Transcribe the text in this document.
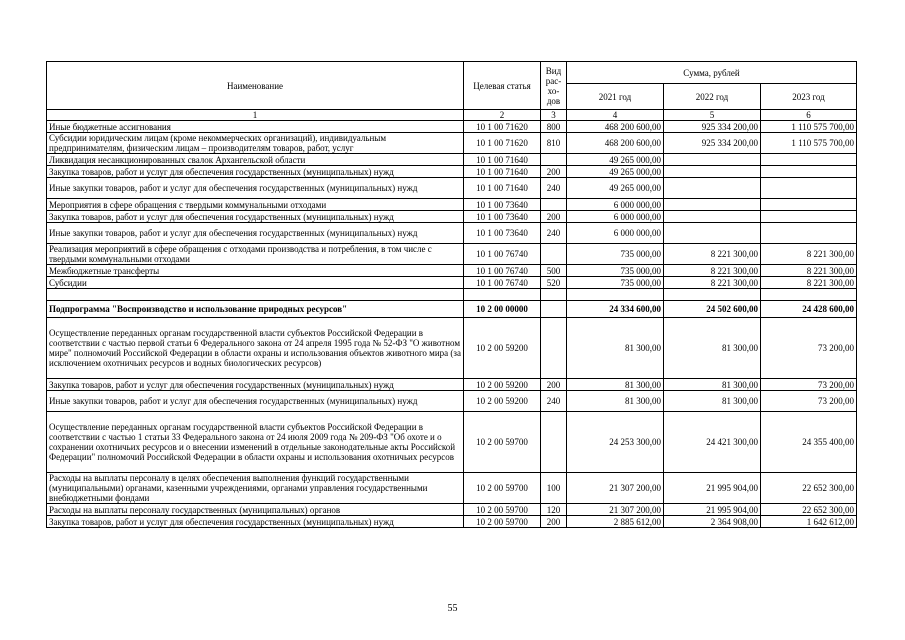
Наименование	Целевая статья	Вид рас- хо- дов	Сумма, рублей		
			2021 год	2022 год	2023 год
1	2	3	4	5	6
Иные бюджетные ассигнования	10 1 00 71620	800	468 200 600,00	925 334 200,00	1 110 575 700,00
Субсидии юридическим лицам (кроме некоммерческих организаций), индивидуальным предпринимателям, физическим лицам – производителям товаров, работ, услуг	10 1 00 71620	810	468 200 600,00	925 334 200,00	1 110 575 700,00
Ликвидация несанкционированных свалок Архангельской области	10 1 00 71640		49 265 000,00		
Закупка товаров, работ и услуг для обеспечения государственных (муниципальных) нужд	10 1 00 71640	200	49 265 000,00		
Иные закупки товаров, работ и услуг для обеспечения государственных (муниципальных) нужд	10 1 00 71640	240	49 265 000,00		
Мероприятия в сфере обращения с твердыми коммунальными отходами	10 1 00 73640		6 000 000,00		
Закупка товаров, работ и услуг для обеспечения государственных (муниципальных) нужд	10 1 00 73640	200	6 000 000,00		
Иные закупки товаров, работ и услуг для обеспечения государственных (муниципальных) нужд	10 1 00 73640	240	6 000 000,00		
Реализация мероприятий в сфере обращения с отходами производства и потребления, в том числе с твердыми коммунальными отходами	10 1 00 76740		735 000,00	8 221 300,00	8 221 300,00
Межбюджетные трансферты	10 1 00 76740	500	735 000,00	8 221 300,00	8 221 300,00
Субсидии	10 1 00 76740	520	735 000,00	8 221 300,00	8 221 300,00

Подпрограмма "Воспроизводство и использование природных ресурсов"	10 2 00 00000		24 334 600,00	24 502 600,00	24 428 600,00
Осуществление переданных органам государственной власти субъектов Российской Федерации в соответствии с частью первой статьи 6 Федерального закона от 24 апреля 1995 года № 52-ФЗ "О животном мире" полномочий Российской Федерации в области охраны и использования объектов животного мира (за исключением охотничьих ресурсов и водных биологических ресурсов)	10 2 00 59200		81 300,00	81 300,00	73 200,00
Закупка товаров, работ и услуг для обеспечения государственных (муниципальных) нужд	10 2 00 59200	200	81 300,00	81 300,00	73 200,00
Иные закупки товаров, работ и услуг для обеспечения государственных (муниципальных) нужд	10 2 00 59200	240	81 300,00	81 300,00	73 200,00
Осуществление переданных органам государственной власти субъектов Российской Федерации в соответствии с частью 1 статьи 33 Федерального закона от 24 июля 2009 года № 209-ФЗ "Об охоте и о сохранении охотничьих ресурсов и о внесении изменений в отдельные законодательные акты Российской Федерации" полномочий Российской Федерации в области охраны и использования охотничьих ресурсов	10 2 00 59700		24 253 300,00	24 421 300,00	24 355 400,00
Расходы на выплаты персоналу в целях обеспечения выполнения функций государственными (муниципальными) органами, казенными учреждениями, органами управления государственными внебюджетными фондами	10 2 00 59700	100	21 307 200,00	21 995 904,00	22 652 300,00
Расходы на выплаты персоналу государственных (муниципальных) органов	10 2 00 59700	120	21 307 200,00	21 995 904,00	22 652 300,00
Закупка товаров, работ и услуг для обеспечения государственных (муниципальных) нужд	10 2 00 59700	200	2 885 612,00	2 364 908,00	1 642 612,00
55
